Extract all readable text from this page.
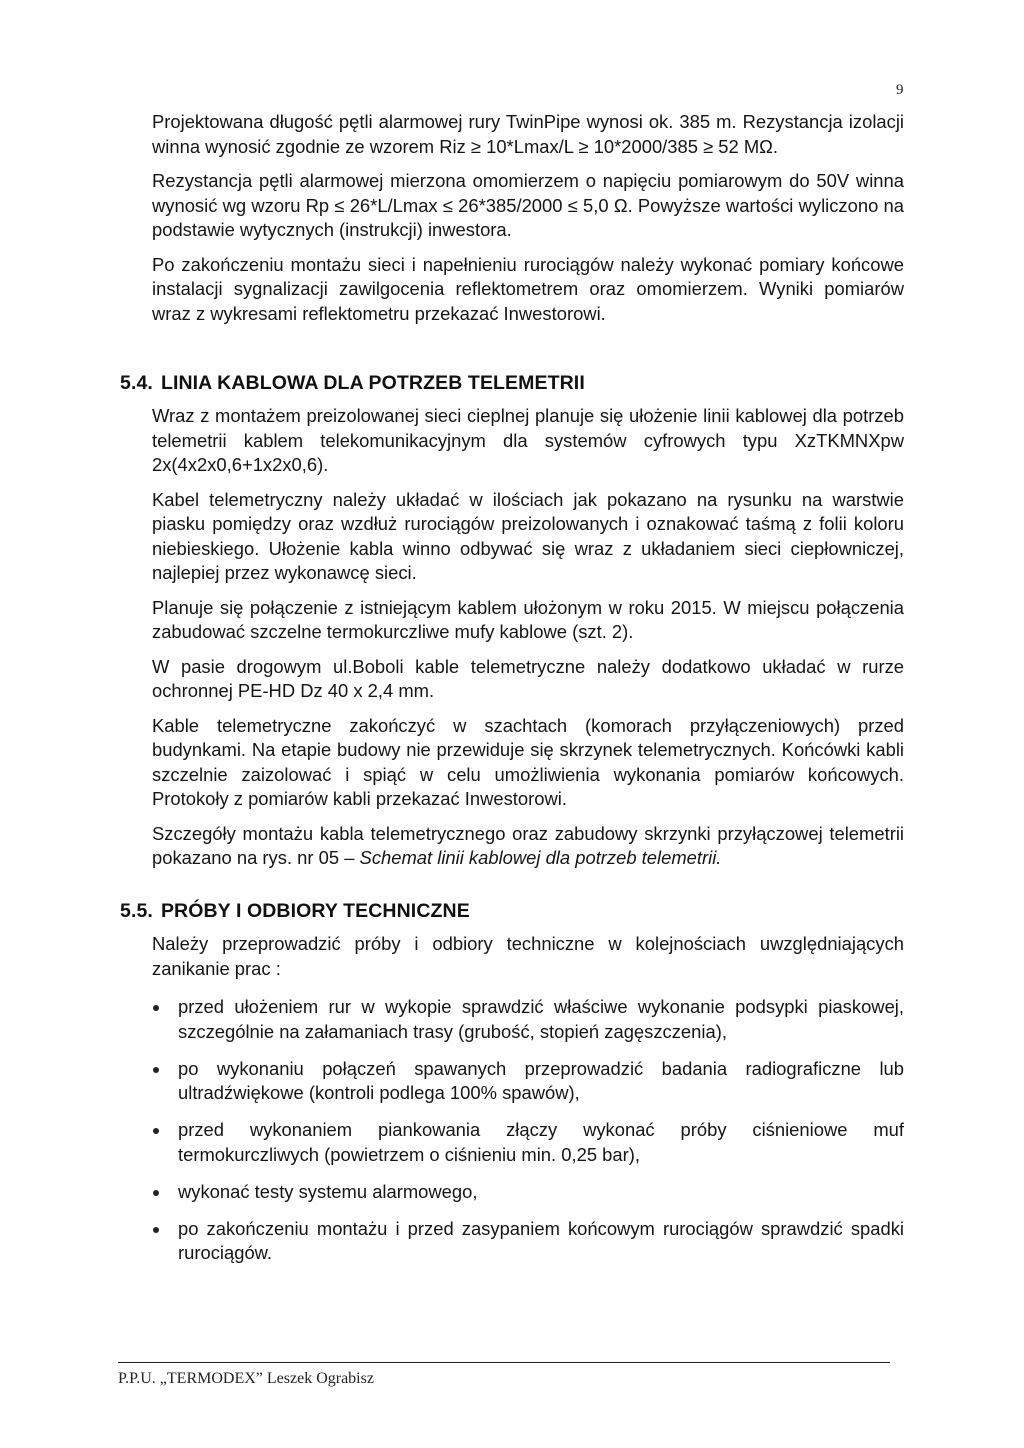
9

Projektowana długość pętli alarmowej rury TwinPipe wynosi ok. 385 m. Rezystancja izolacji winna wynosić zgodnie ze wzorem Riz ≥ 10*Lmax/L ≥ 10*2000/385 ≥ 52 MΩ.

Rezystancja pętli alarmowej mierzona omomierzem o napięciu pomiarowym do 50V winna wynosić wg wzoru Rp ≤ 26*L/Lmax ≤ 26*385/2000 ≤ 5,0 Ω. Powyższe wartości wyliczono na podstawie wytycznych (instrukcji) inwestora.

Po zakończeniu montażu sieci i napełnieniu rurociągów należy wykonać pomiary końcowe instalacji sygnalizacji zawilgocenia reflektometrem oraz omomierzem. Wyniki pomiarów wraz z wykresami reflektometru przekazać Inwestorowi.

5.4. LINIA KABLOWA DLA POTRZEB TELEMETRII

Wraz z montażem preizolowanej sieci cieplnej planuje się ułożenie linii kablowej dla potrzeb telemetrii kablem telekomunikacyjnym dla systemów cyfrowych typu XzTKMNXpw 2x(4x2x0,6+1x2x0,6).

Kabel telemetryczny należy układać w ilościach jak pokazano na rysunku na warstwie piasku pomiędzy oraz wzdłuż rurociągów preizolowanych i oznakować taśmą z folii koloru niebieskiego. Ułożenie kabla winno odbywać się wraz z układaniem sieci ciepłowniczej, najlepiej przez wykonawcę sieci.

Planuje się połączenie z istniejącym kablem ułożonym w roku 2015. W miejscu połączenia zabudować szczelne termokurczliwe mufy kablowe (szt. 2).

W pasie drogowym ul.Boboli kable telemetryczne należy dodatkowo układać w rurze ochronnej PE-HD Dz 40 x 2,4 mm.

Kable telemetryczne zakończyć w szachtach (komorach przyłączeniowych) przed budynkami. Na etapie budowy nie przewiduje się skrzynek telemetrycznych. Końcówki kabli szczelnie zaizolować i spiąć w celu umożliwienia wykonania pomiarów końcowych. Protokoły z pomiarów kabli przekazać Inwestorowi.

Szczegóły montażu kabla telemetrycznego oraz zabudowy skrzynki przyłączowej telemetrii pokazano na rys. nr 05 – Schemat linii kablowej dla potrzeb telemetrii.

5.5. PRÓBY I ODBIORY TECHNICZNE

Należy przeprowadzić próby i odbiory techniczne w kolejnościach uwzględniających zanikanie prac :

przed ułożeniem rur w wykopie sprawdzić właściwe wykonanie podsypki piaskowej, szczególnie na załamaniach trasy (grubość, stopień zagęszczenia),
po wykonaniu połączeń spawanych przeprowadzić badania radiograficzne lub ultradźwiękowe (kontroli podlega 100% spawów),
przed wykonaniem piankowania złączy wykonać próby ciśnieniowe muf termokurczliwych (powietrzem o ciśnieniu min. 0,25 bar),
wykonać testy systemu alarmowego,
po zakończeniu montażu i przed zasypaniem końcowym rurociągów sprawdzić spadki rurociągów.
P.P.U. „TERMODEX” Leszek Ograbisz
